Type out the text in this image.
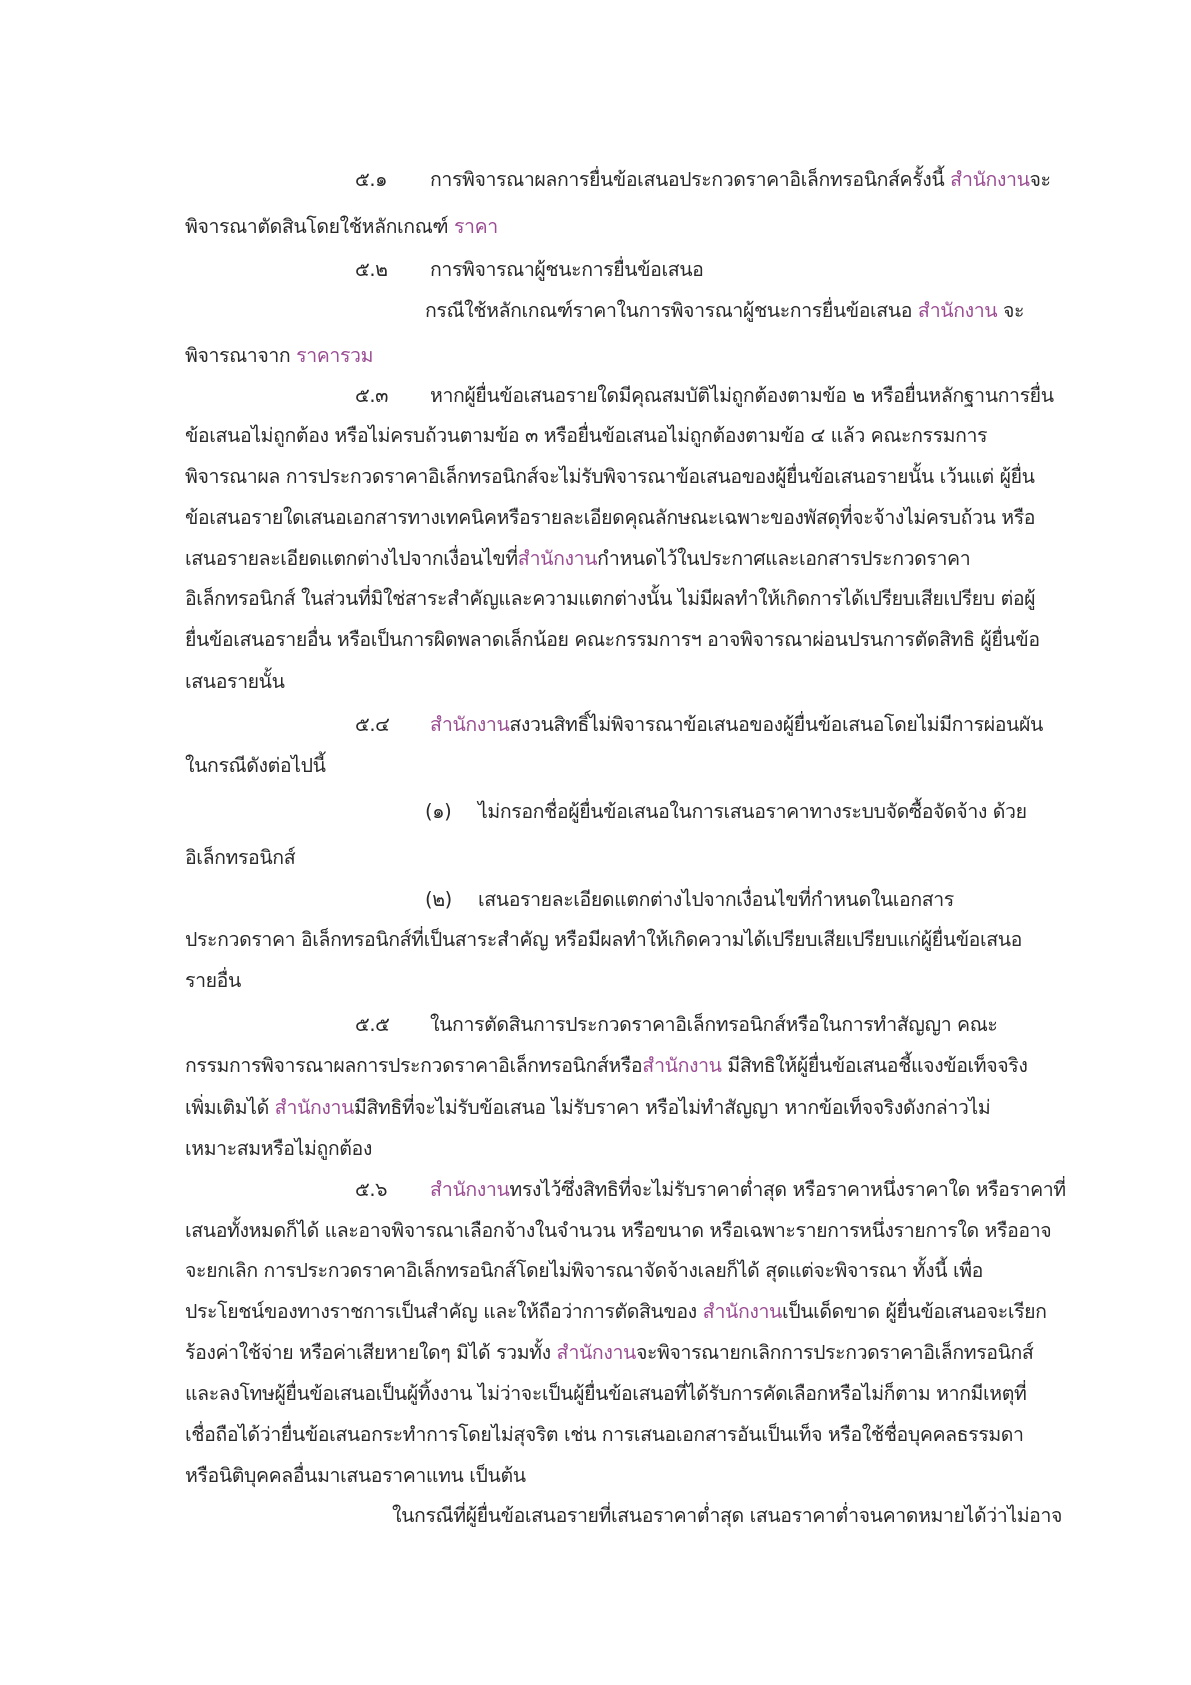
๕.๑ การพิจารณาผลการยื่นข้อเสนอประกวดราคาอิเล็กทรอนิกส์ครั้งนี้ สำนักงานจะ
พิจารณาตัดสินโดยใช้หลักเกณฑ์ ราคา
๕.๒ การพิจารณาผู้ชนะการยื่นข้อเสนอ
กรณีใช้หลักเกณฑ์ราคาในการพิจารณาผู้ชนะการยื่นข้อเสนอ สำนักงาน จะ
พิจารณาจาก ราคารวม
๕.๓ หากผู้ยื่นข้อเสนอรายใดมีคุณสมบัติไม่ถูกต้องตามข้อ ๒ หรือยื่นหลักฐานการยื่น
ข้อเสนอไม่ถูกต้อง หรือไม่ครบถ้วนตามข้อ ๓ หรือยื่นข้อเสนอไม่ถูกต้องตามข้อ ๔ แล้ว คณะกรรมการ
พิจารณาผล การประกวดราคาอิเล็กทรอนิกส์จะไม่รับพิจารณาข้อเสนอของผู้ยื่นข้อเสนอรายนั้น เว้นแต่ ผู้ยื่น
ข้อเสนอรายใดเสนอเอกสารทางเทคนิคหรือรายละเอียดคุณลักษณะเฉพาะของพัสดุที่จะจ้างไม่ครบถ้วน หรือ
เสนอรายละเอียดแตกต่างไปจากเงื่อนไขที่สำนักงานกำหนดไว้ในประกาศและเอกสารประกวดราคา
อิเล็กทรอนิกส์ ในส่วนที่มิใช่สาระสำคัญและความแตกต่างนั้น ไม่มีผลทำให้เกิดการได้เปรียบเสียเปรียบ ต่อผู้
ยื่นข้อเสนอรายอื่น หรือเป็นการผิดพลาดเล็กน้อย คณะกรรมการฯ อาจพิจารณาผ่อนปรนการตัดสิทธิ ผู้ยื่นข้อ
เสนอรายนั้น
๕.๔ สำนักงานสงวนสิทธิ์ไม่พิจารณาข้อเสนอของผู้ยื่นข้อเสนอโดยไม่มีการผ่อนผัน
ในกรณีดังต่อไปนี้
(๑) ไม่กรอกชื่อผู้ยื่นข้อเสนอในการเสนอราคาทางระบบจัดซื้อจัดจ้าง ด้วย
อิเล็กทรอนิกส์
(๒) เสนอรายละเอียดแตกต่างไปจากเงื่อนไขที่กำหนดในเอกสาร
ประกวดราคา อิเล็กทรอนิกส์ที่เป็นสาระสำคัญ หรือมีผลทำให้เกิดความได้เปรียบเสียเปรียบแก่ผู้ยื่นข้อเสนอ
รายอื่น
๕.๕ ในการตัดสินการประกวดราคาอิเล็กทรอนิกส์หรือในการทำสัญญา คณะ
กรรมการพิจารณาผลการประกวดราคาอิเล็กทรอนิกส์หรือสำนักงาน มีสิทธิให้ผู้ยื่นข้อเสนอชี้แจงข้อเท็จจริง
เพิ่มเติมได้ สำนักงานมีสิทธิที่จะไม่รับข้อเสนอ ไม่รับราคา หรือไม่ทำสัญญา หากข้อเท็จจริงดังกล่าวไม่
เหมาะสมหรือไม่ถูกต้อง
๕.๖ สำนักงานทรงไว้ซึ่งสิทธิที่จะไม่รับราคาต่ำสุด หรือราคาหนึ่งราคาใด หรือราคาที่
เสนอทั้งหมดก็ได้ และอาจพิจารณาเลือกจ้างในจำนวน หรือขนาด หรือเฉพาะรายการหนึ่งรายการใด หรืออาจ
จะยกเลิก การประกวดราคาอิเล็กทรอนิกส์โดยไม่พิจารณาจัดจ้างเลยก็ได้ สุดแต่จะพิจารณา ทั้งนี้ เพื่อ
ประโยชน์ของทางราชการเป็นสำคัญ และให้ถือว่าการตัดสินของ สำนักงานเป็นเด็ดขาด ผู้ยื่นข้อเสนอจะเรียก
ร้องค่าใช้จ่าย หรือค่าเสียหายใดๆ มิได้ รวมทั้ง สำนักงานจะพิจารณายกเลิกการประกวดราคาอิเล็กทรอนิกส์
และลงโทษผู้ยื่นข้อเสนอเป็นผู้ทิ้งงาน ไม่ว่าจะเป็นผู้ยื่นข้อเสนอที่ได้รับการคัดเลือกหรือไม่ก็ตาม หากมีเหตุที่
เชื่อถือได้ว่ายื่นข้อเสนอกระทำการโดยไม่สุจริต เช่น การเสนอเอกสารอันเป็นเท็จ หรือใช้ชื่อบุคคลธรรมดา
หรือนิติบุคคลอื่นมาเสนอราคาแทน เป็นต้น
ในกรณีที่ผู้ยื่นข้อเสนอรายที่เสนอราคาต่ำสุด เสนอราคาต่ำจนคาดหมายได้ว่าไม่อาจ
